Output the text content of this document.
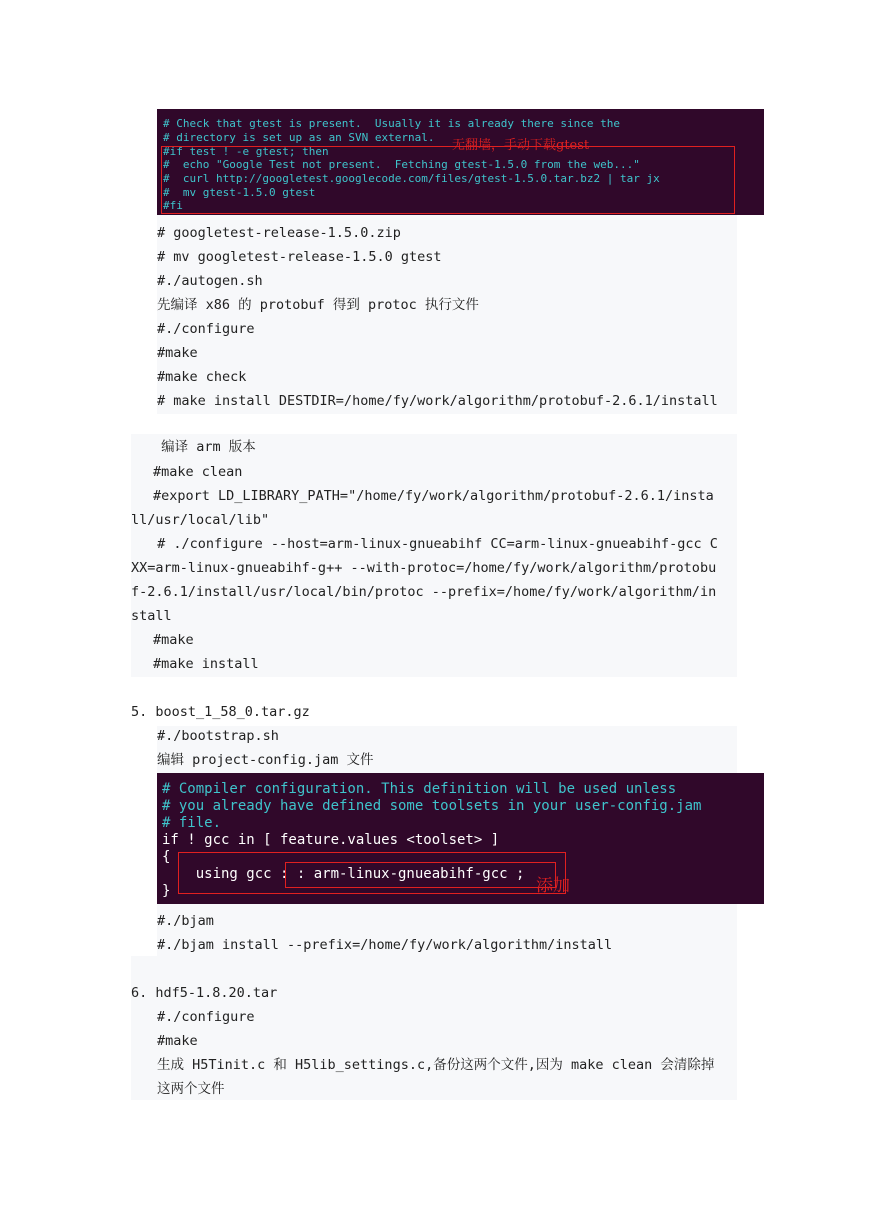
# Check that gtest is present.  Usually it is already there since the

# directory is set up as an SVN external.

#if test ! -e gtest; then

#  echo "Google Test not present.  Fetching gtest-1.5.0 from the web..."

#  curl http://googletest.googlecode.com/files/gtest-1.5.0.tar.bz2 | tar jx

#  mv gtest-1.5.0 gtest

#fi

无翻墙，手动下载gtest
# googletest-release-1.5.0.zip
# mv googletest-release-1.5.0 gtest
#./autogen.sh
先编译 x86 的 protobuf 得到 protoc 执行文件
#./configure
#make
#make check
# make install DESTDIR=/home/fy/work/algorithm/protobuf-2.6.1/install
编译 arm 版本
#make clean
#export LD_LIBRARY_PATH="/home/fy/work/algorithm/protobuf-2.6.1/insta
ll/usr/local/lib"
# ./configure --host=arm-linux-gnueabihf CC=arm-linux-gnueabihf-gcc C
XX=arm-linux-gnueabihf-g++ --with-protoc=/home/fy/work/algorithm/protobu
f-2.6.1/install/usr/local/bin/protoc --prefix=/home/fy/work/algorithm/in
stall
#make
#make install
5. boost_1_58_0.tar.gz
#./bootstrap.sh
编辑 project-config.jam 文件

# Compiler configuration. This definition will be used unless

# you already have defined some toolsets in your user-config.jam

# file.

if ! gcc in [ feature.values <toolset> ]

{

using gcc : : arm-linux-gnueabihf-gcc ;

}	添加
#./bjam
#./bjam install --prefix=/home/fy/work/algorithm/install
6. hdf5-1.8.20.tar
#./configure
#make
生成 H5Tinit.c 和 H5lib_settings.c,备份这两个文件,因为 make clean 会清除掉
这两个文件
